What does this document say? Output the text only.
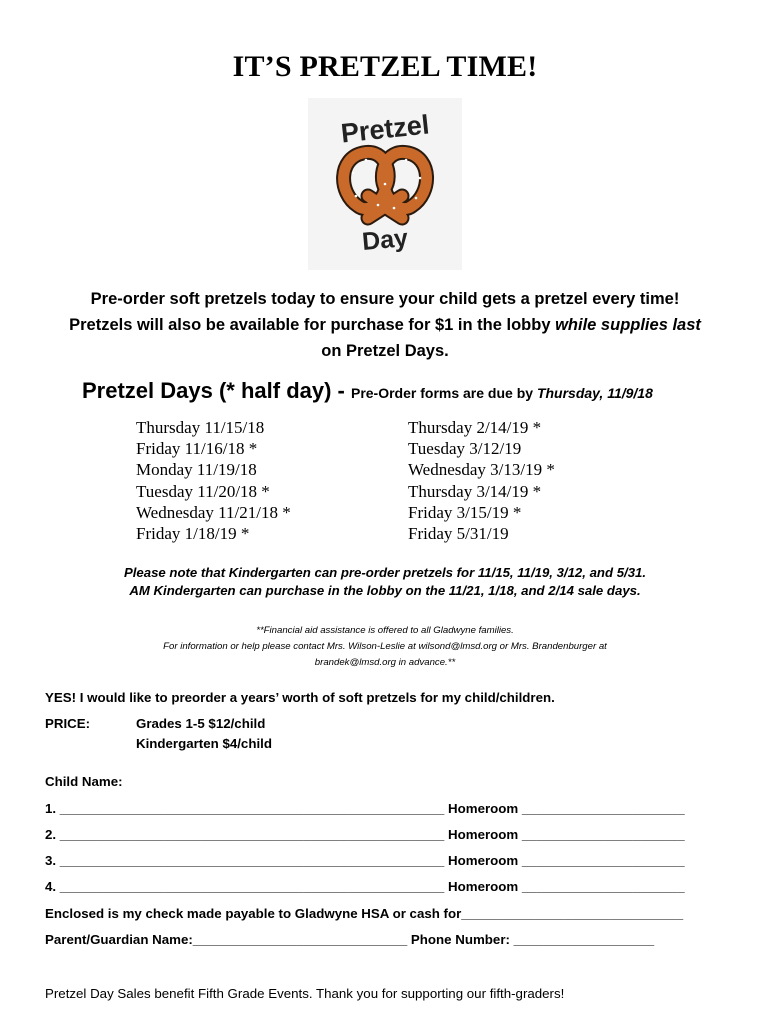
IT’S PRETZEL TIME!
Pretzel
Day
Pre-order soft pretzels today to ensure your child gets a pretzel every time!
Pretzels will also be available for purchase for $1 in the lobby while supplies last
on Pretzel Days.
Pretzel Days (* half day) - Pre-Order forms are due by Thursday, 11/9/18
Thursday 11/15/18
Friday 11/16/18 *
Monday 11/19/18
Tuesday 11/20/18 *
Wednesday 11/21/18 *
Friday 1/18/19 *
Thursday 2/14/19 *
Tuesday 3/12/19
Wednesday 3/13/19 *
Thursday 3/14/19 *
Friday 3/15/19 *
Friday 5/31/19
Please note that Kindergarten can pre-order pretzels for 11/15, 11/19, 3/12, and 5/31.
AM Kindergarten can purchase in the lobby on the 11/21, 1/18, and 2/14 sale days.
**Financial aid assistance is offered to all Gladwyne families.
For information or help please contact Mrs. Wilson-Leslie at wilsond@lmsd.org or Mrs. Brandenburger at
brandek@lmsd.org in advance.**
YES! I would like to preorder a years’ worth of soft pretzels for my child/children.
PRICE:	Grades 1-5 $12/child
Kindergarten $4/child
Child Name:
1. ____________________________________________________ Homeroom ______________________
2. ____________________________________________________ Homeroom ______________________
3. ____________________________________________________ Homeroom ______________________
4. ____________________________________________________ Homeroom ______________________
Enclosed is my check made payable to Gladwyne HSA or cash for______________________________
Parent/Guardian Name:_____________________________ Phone Number: ___________________
Pretzel Day Sales benefit Fifth Grade Events. Thank you for supporting our fifth-graders!
